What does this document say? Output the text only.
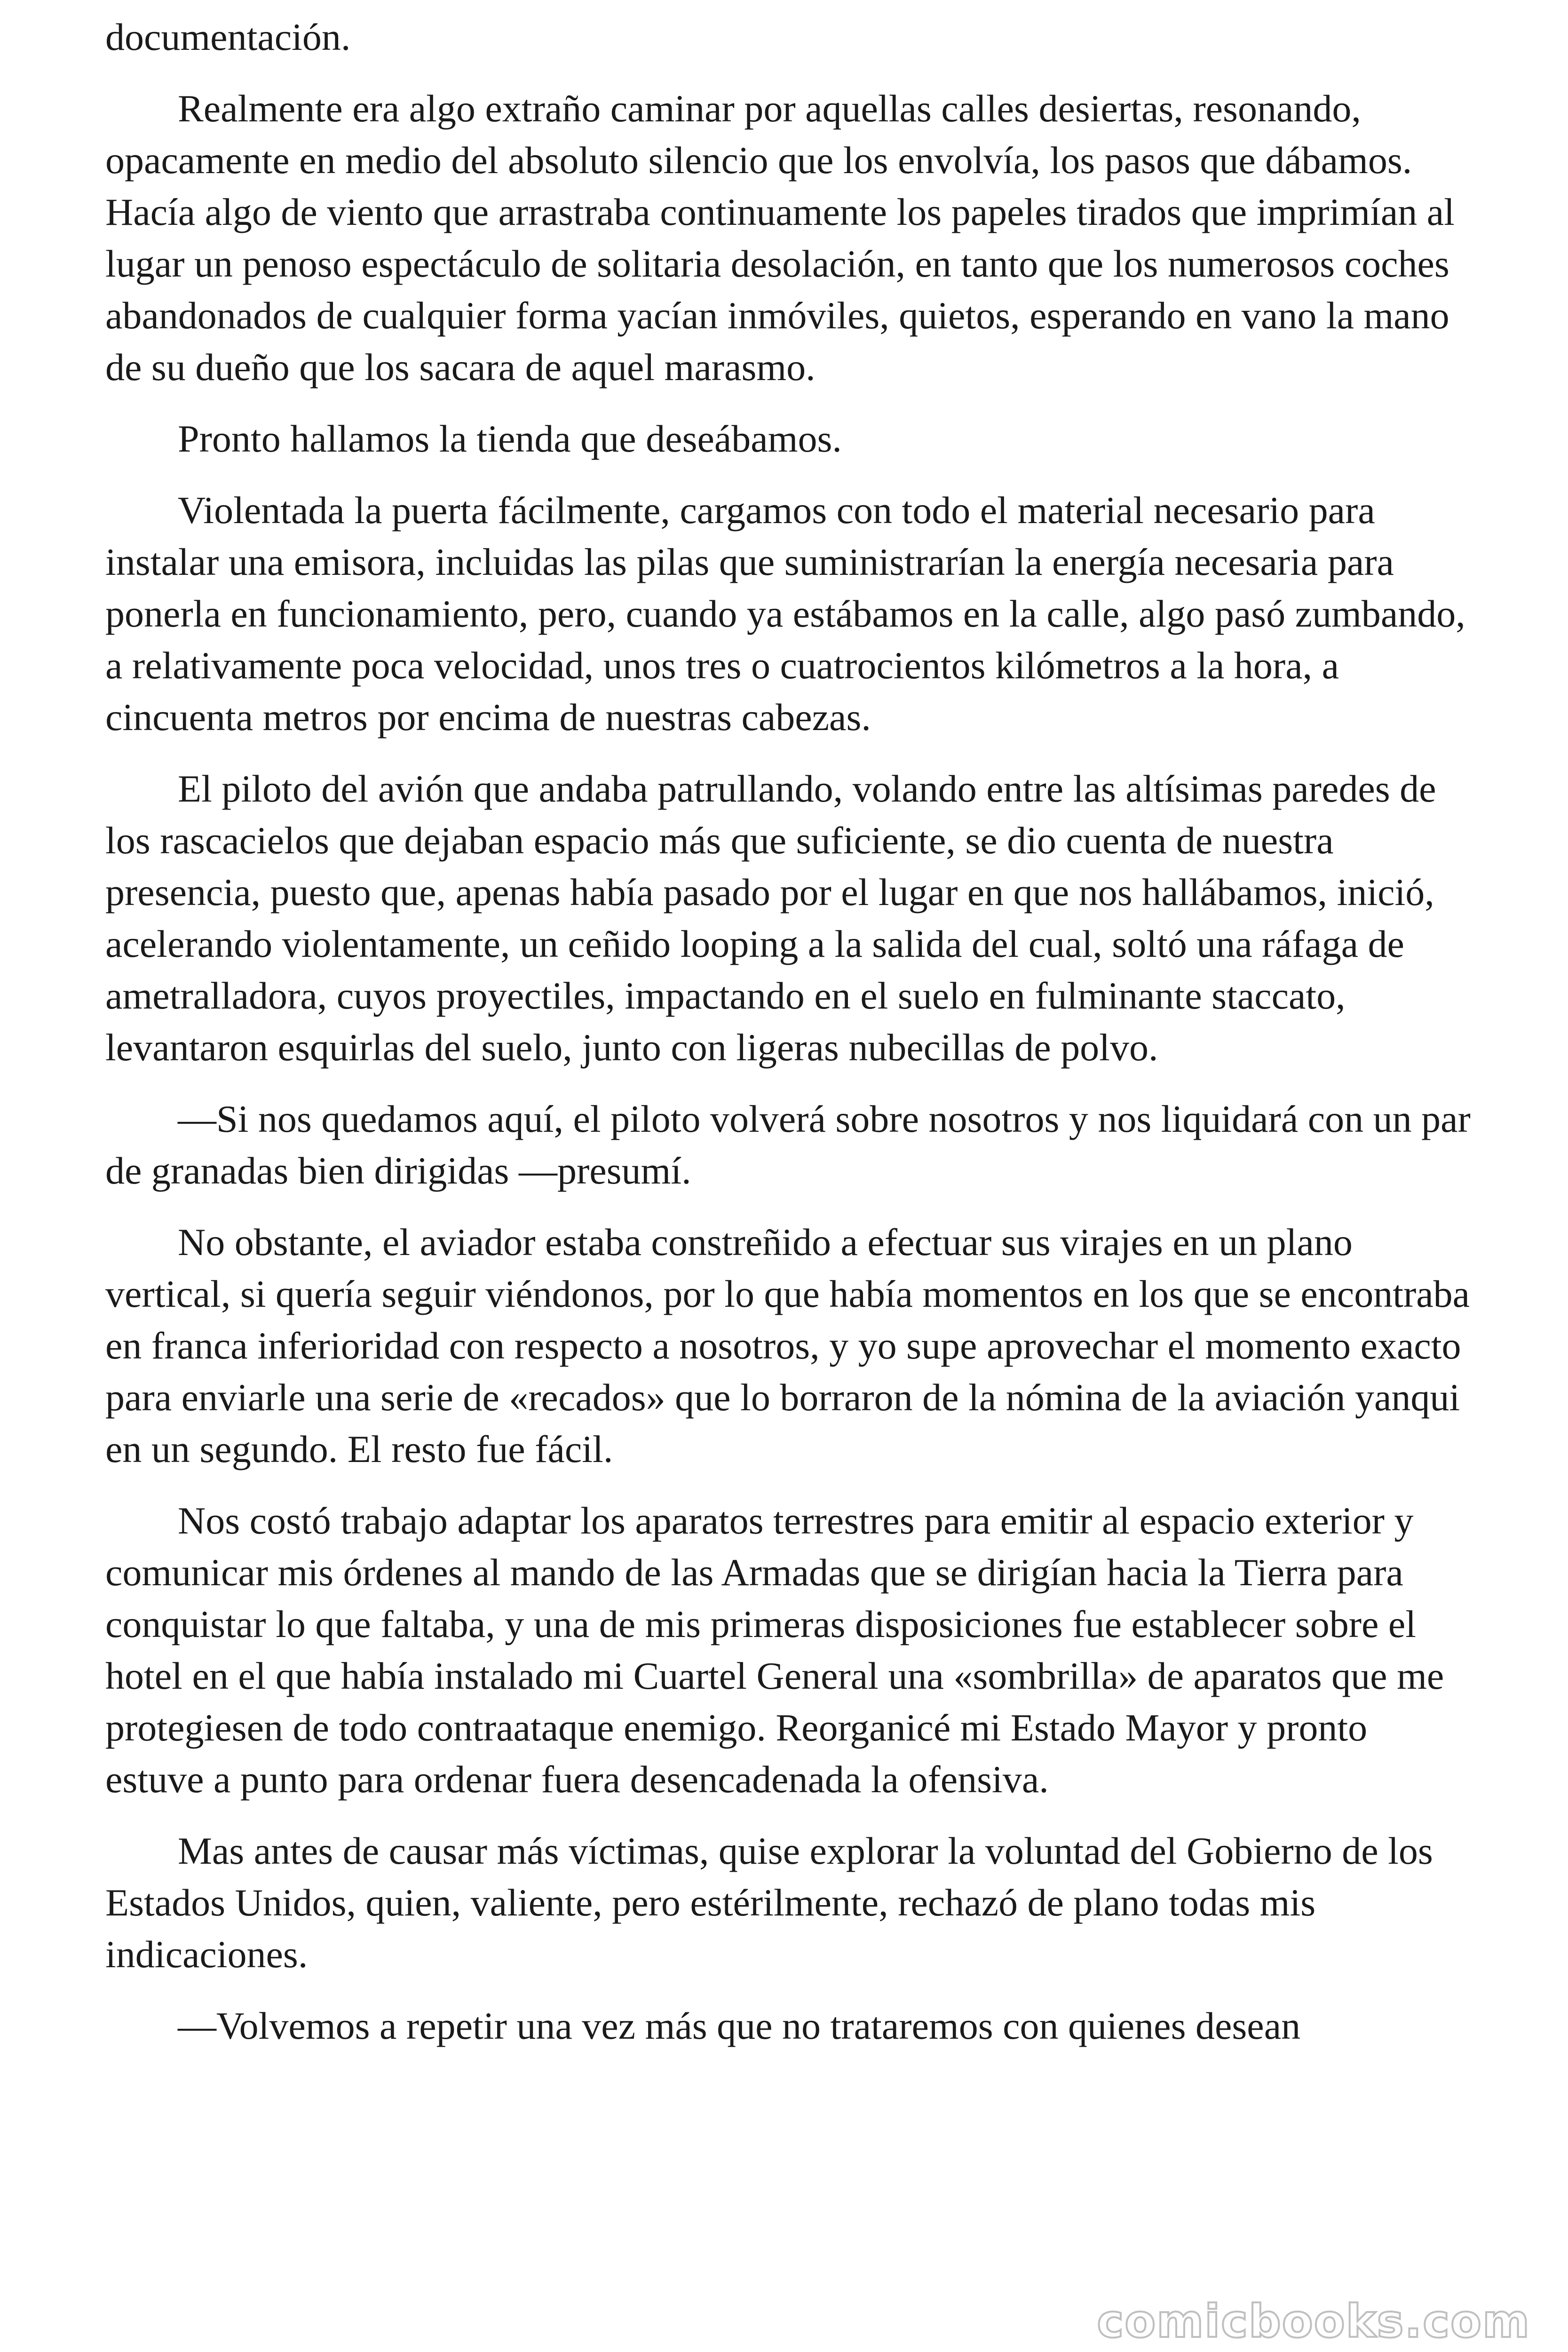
documentación.

Realmente era algo extraño caminar por aquellas calles desiertas, resonando, opacamente en medio del absoluto silencio que los envolvía, los pasos que dábamos. Hacía algo de viento que arrastraba continuamente los papeles tirados que imprimían al lugar un penoso espectáculo de solitaria desolación, en tanto que los numerosos coches abandonados de cualquier forma yacían inmóviles, quietos, esperando en vano la mano de su dueño que los sacara de aquel marasmo.

Pronto hallamos la tienda que deseábamos.

Violentada la puerta fácilmente, cargamos con todo el material necesario para instalar una emisora, incluidas las pilas que suministrarían la energía necesaria para ponerla en funcionamiento, pero, cuando ya estábamos en la calle, algo pasó zumbando, a relativamente poca velocidad, unos tres o cuatrocientos kilómetros a la hora, a cincuenta metros por encima de nuestras cabezas.

El piloto del avión que andaba patrullando, volando entre las altísimas paredes de los rascacielos que dejaban espacio más que suficiente, se dio cuenta de nuestra presencia, puesto que, apenas había pasado por el lugar en que nos hallábamos, inició, acelerando violentamente, un ceñido looping a la salida del cual, soltó una ráfaga de ametralladora, cuyos proyectiles, impactando en el suelo en fulminante staccato, levantaron esquirlas del suelo, junto con ligeras nubecillas de polvo.

—Si nos quedamos aquí, el piloto volverá sobre nosotros y nos liquidará con un par de granadas bien dirigidas —presumí.

No obstante, el aviador estaba constreñido a efectuar sus virajes en un plano vertical, si quería seguir viéndonos, por lo que había momentos en los que se encontraba en franca inferioridad con respecto a nosotros, y yo supe aprovechar el momento exacto para enviarle una serie de «recados» que lo borraron de la nómina de la aviación yanqui en un segundo. El resto fue fácil.

Nos costó trabajo adaptar los aparatos terrestres para emitir al espacio exterior y comunicar mis órdenes al mando de las Armadas que se dirigían hacia la Tierra para conquistar lo que faltaba, y una de mis primeras disposiciones fue establecer sobre el hotel en el que había instalado mi Cuartel General una «sombrilla» de aparatos que me protegiesen de todo contraataque enemigo. Reorganicé mi Estado Mayor y pronto estuve a punto para ordenar fuera desencadenada la ofensiva.

Mas antes de causar más víctimas, quise explorar la voluntad del Gobierno de los Estados Unidos, quien, valiente, pero estérilmente, rechazó de plano todas mis indicaciones.

—Volvemos a repetir una vez más que no trataremos con quienes desean

comicbooks.com
